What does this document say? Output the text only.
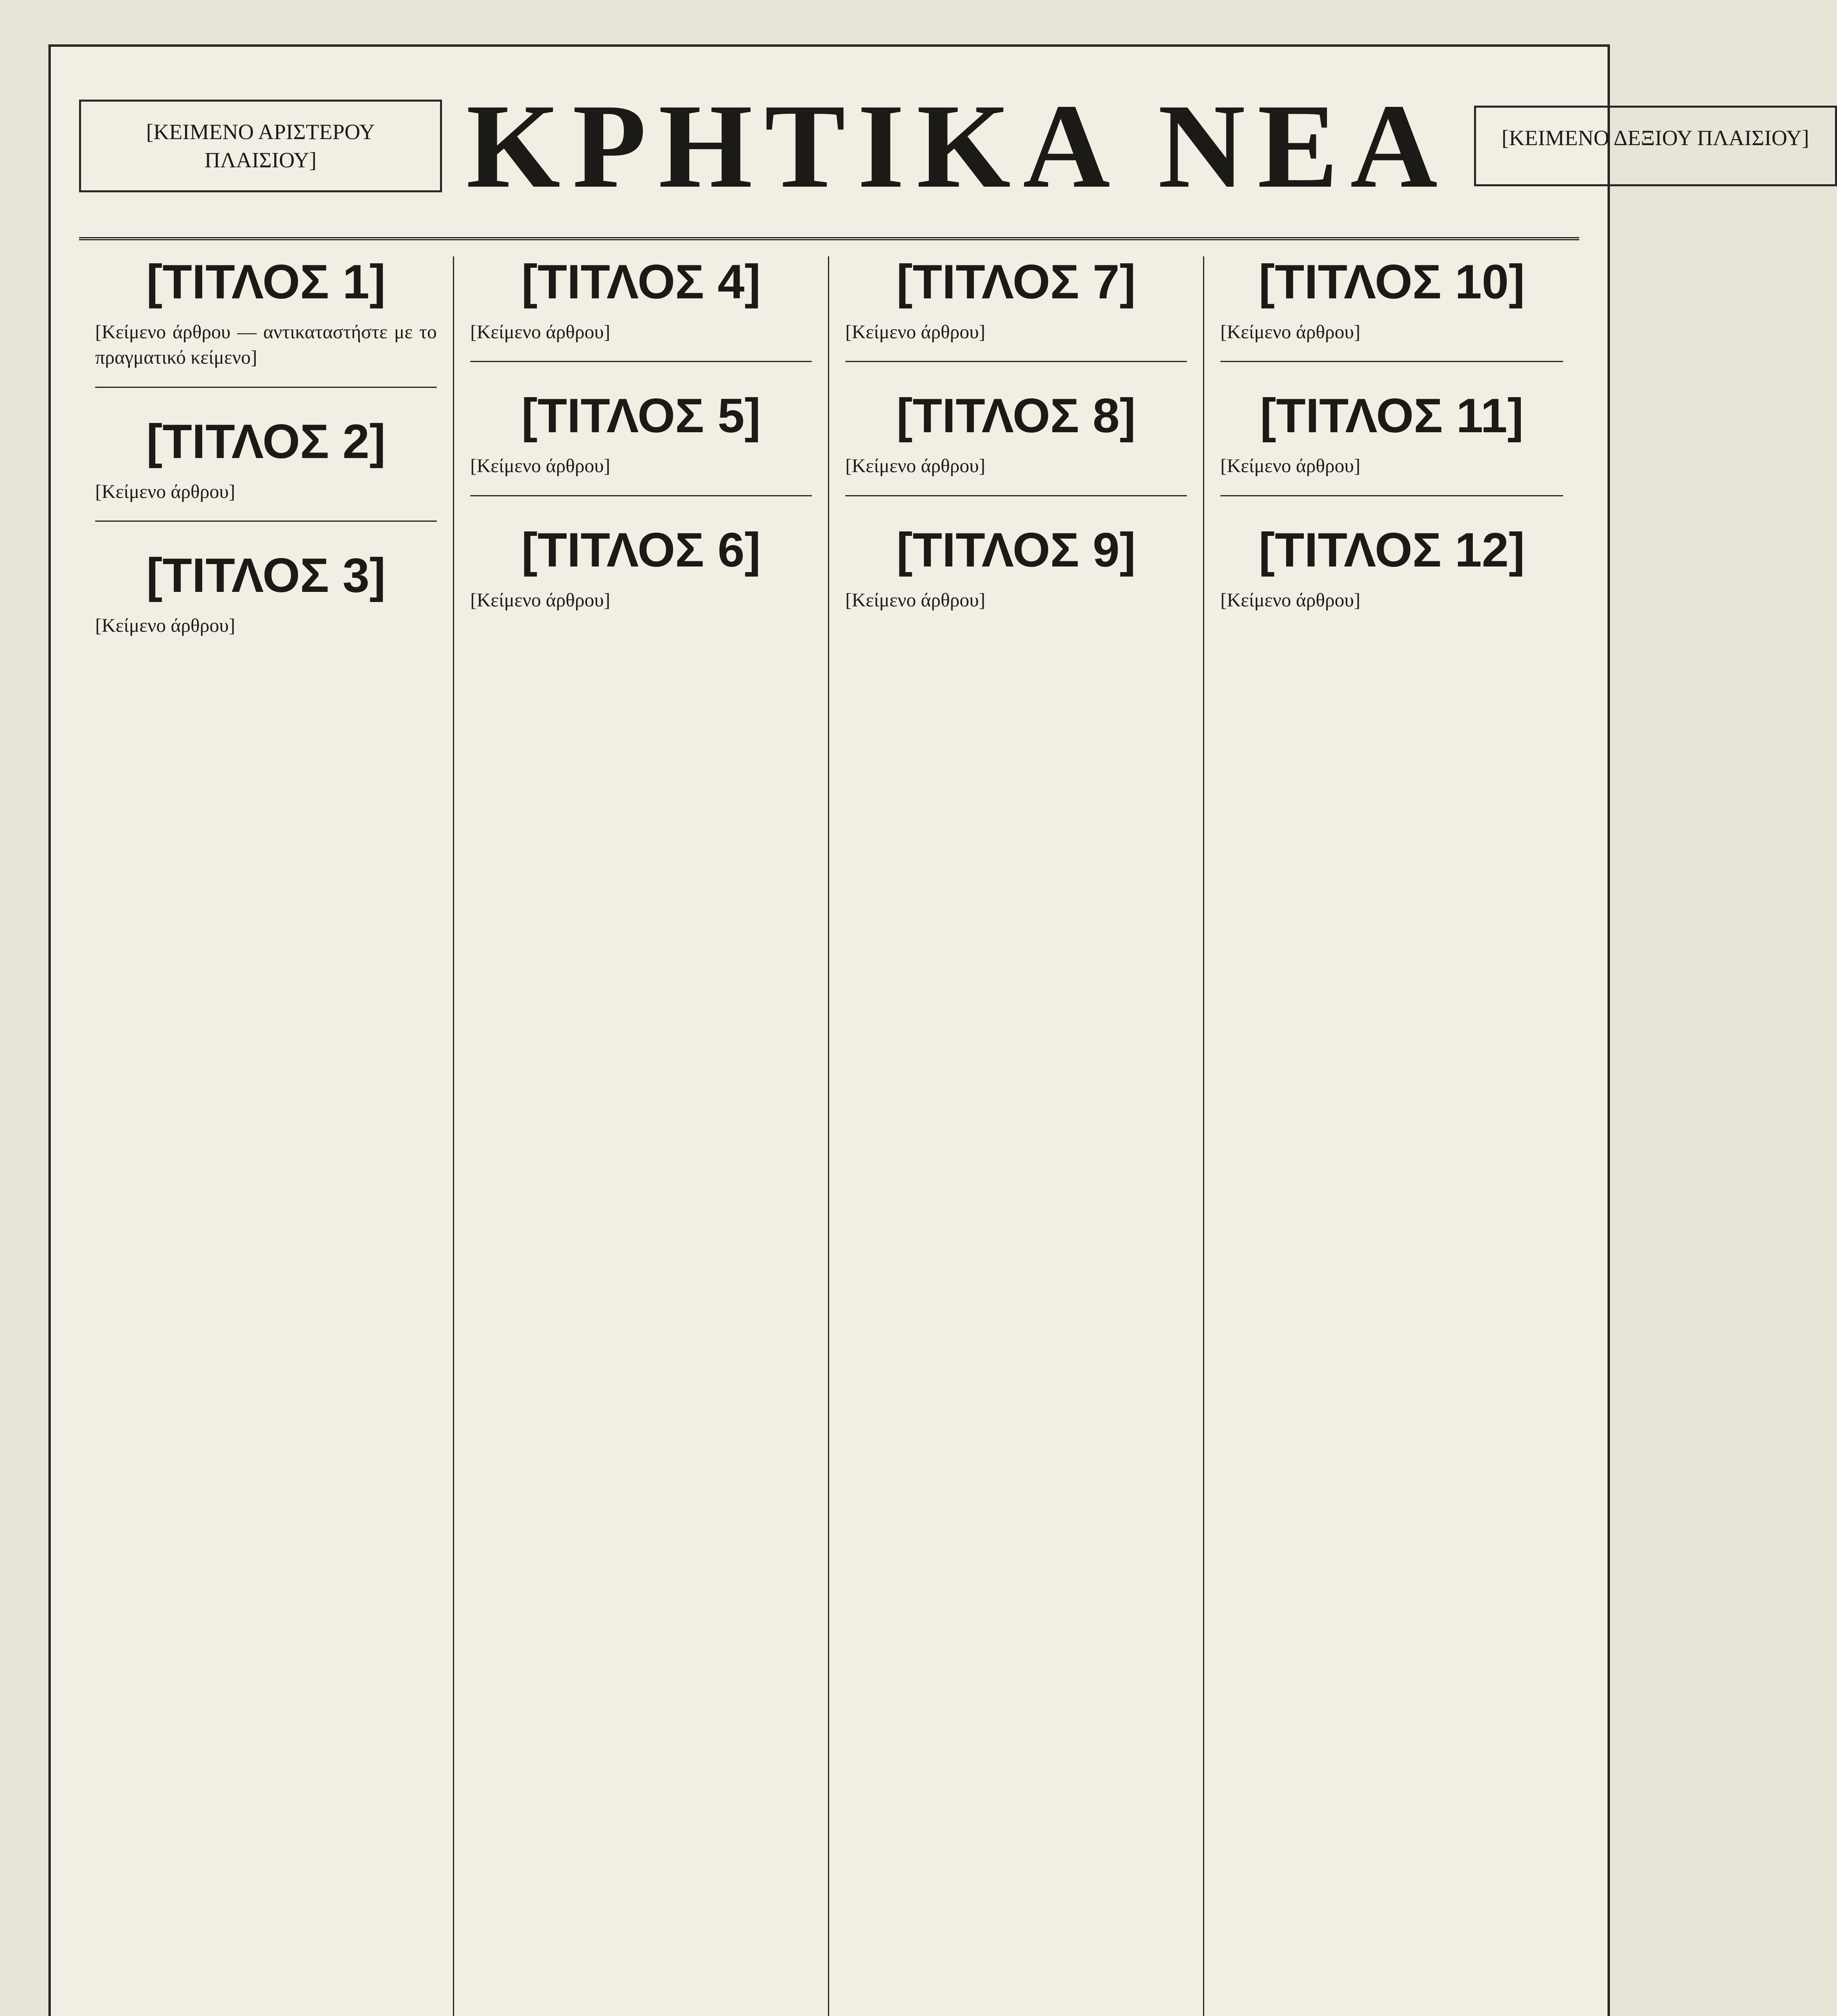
[ΚΕΙΜΕΝΟ ΑΡΙΣΤΕΡΟΥ ΠΛΑΙΣΙΟΥ]	ΚΡΗΤΙΚΑ ΝΕΑ	[ΚΕΙΜΕΝΟ ΔΕΞΙΟΥ ΠΛΑΙΣΙΟΥ]
[ΤΙΤΛΟΣ 1]

[Κείμενο άρθρου — αντικαταστήστε με το πραγματικό κείμενο]

[ΤΙΤΛΟΣ 2]

[Κείμενο άρθρου]

[ΤΙΤΛΟΣ 3]

[Κείμενο άρθρου]

[ΤΙΤΛΟΣ 4]

[Κείμενο άρθρου]

[ΤΙΤΛΟΣ 5]

[Κείμενο άρθρου]

[ΤΙΤΛΟΣ 6]

[Κείμενο άρθρου]

[ΤΙΤΛΟΣ 7]

[Κείμενο άρθρου]

[ΤΙΤΛΟΣ 8]

[Κείμενο άρθρου]

[ΤΙΤΛΟΣ 9]

[Κείμενο άρθρου]

[ΤΙΤΛΟΣ 10]

[Κείμενο άρθρου]

[ΤΙΤΛΟΣ 11]

[Κείμενο άρθρου]

[ΤΙΤΛΟΣ 12]

[Κείμενο άρθρου]
